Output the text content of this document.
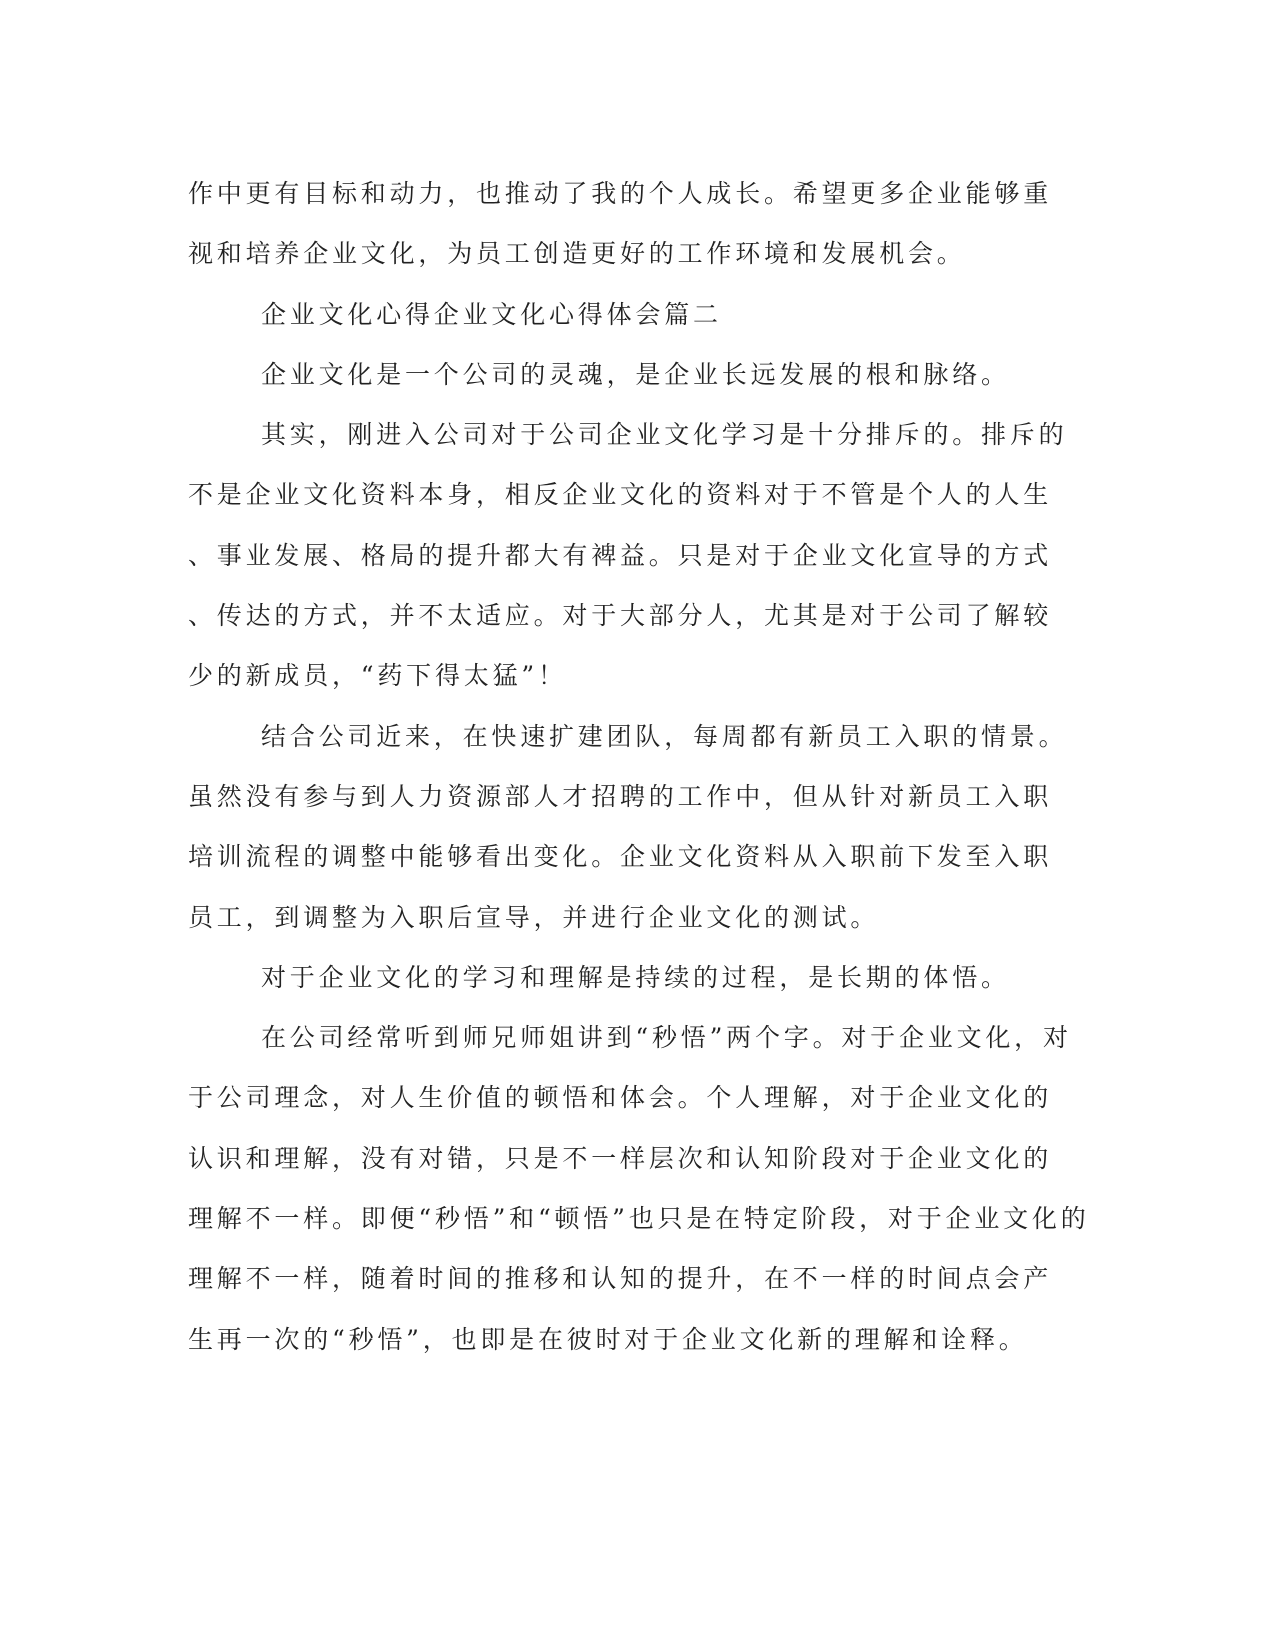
作中更有目标和动力，也推动了我的个人成长。希望更多企业能够重
视和培养企业文化，为员工创造更好的工作环境和发展机会。
企业文化心得企业文化心得体会篇二
企业文化是一个公司的灵魂，是企业长远发展的根和脉络。
其实，刚进入公司对于公司企业文化学习是十分排斥的。排斥的
不是企业文化资料本身，相反企业文化的资料对于不管是个人的人生
、事业发展、格局的提升都大有裨益。只是对于企业文化宣导的方式
、传达的方式，并不太适应。对于大部分人，尤其是对于公司了解较
少的新成员，“药下得太猛”！
结合公司近来，在快速扩建团队，每周都有新员工入职的情景。
虽然没有参与到人力资源部人才招聘的工作中，但从针对新员工入职
培训流程的调整中能够看出变化。企业文化资料从入职前下发至入职
员工，到调整为入职后宣导，并进行企业文化的测试。
对于企业文化的学习和理解是持续的过程，是长期的体悟。
在公司经常听到师兄师姐讲到“秒悟”两个字。对于企业文化，对
于公司理念，对人生价值的顿悟和体会。个人理解，对于企业文化的
认识和理解，没有对错，只是不一样层次和认知阶段对于企业文化的
理解不一样。即便“秒悟”和“顿悟”也只是在特定阶段，对于企业文化的
理解不一样，随着时间的推移和认知的提升，在不一样的时间点会产
生再一次的“秒悟”，也即是在彼时对于企业文化新的理解和诠释。
